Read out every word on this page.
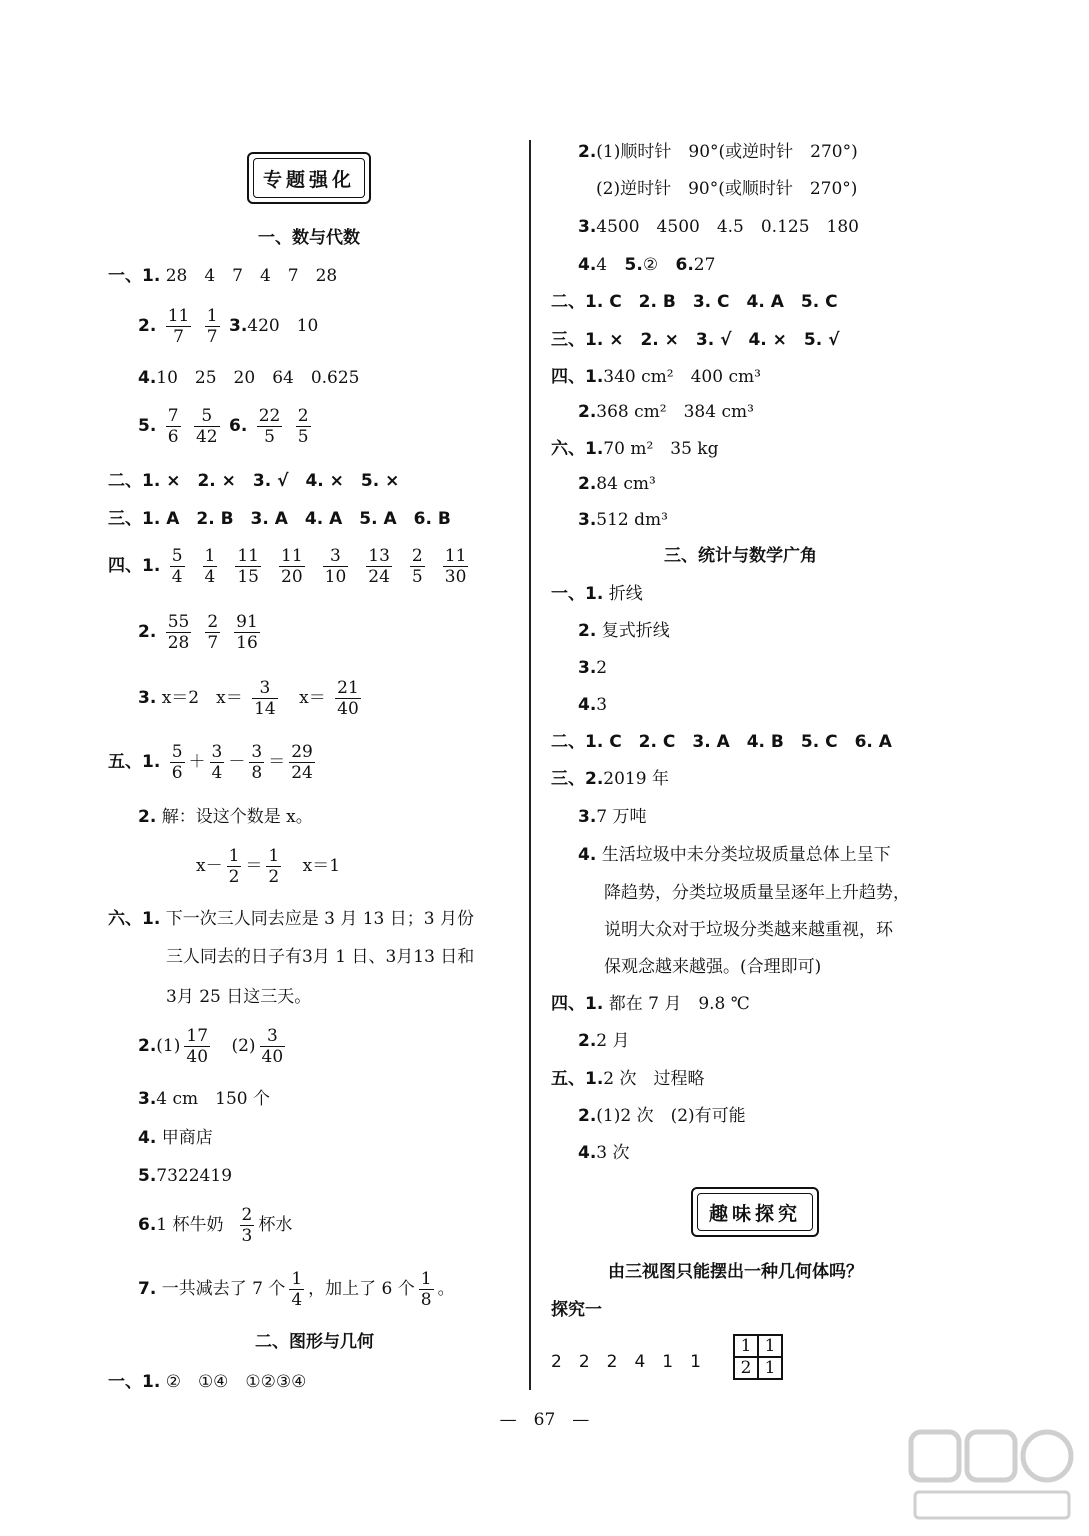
专题强化
一、数与代数
一、1. 28　4　7　4　7　28
2. $\frac{11}{7}$
$\frac{1}{7} 3.420$　10
4.10　25　20　64　0.625
5. $\frac{7}{6}$
$\frac{5}{42} 6$. $\frac{22}{5}$
$\frac{2}{5}$
二、1. ×　2. ×　3. √　4. ×　5. ×
三、1. A　2. B　3. A　4. A　5. A　6. B
四、1. $\frac{5}{4} \frac{1}{4} \frac{11}{15} \frac{11}{20} \frac{3}{10} \frac{13}{24} \frac{2}{5} \frac{11}{30}$
2. $\frac{55}{28} \frac{2}{7} \frac{91}{16}$
3. x＝2　$x= \frac{3}{14} x= \frac{21}{40}$
五、1. $\frac{5}{6} + \frac{3}{4} - \frac{3}{8} = \frac{29}{24}$
2. 解：设这个数是 x。
$x- \frac{1}{2} = \frac{1}{2} x=1$
六、1. 下一次三人同去应是 3 月 13 日；3 月份
三人同去的日子有3月 1 日、3月13 日和
3月 25 日这三天。
$2.(1) \frac{17}{40} (2) \frac{3}{40}$
3.4 cm　150 个
4. 甲商店
5.7322419
6.1 杯牛奶 $\frac{2}{3}$ 杯水
7. 一共减去了 7 个 $\frac{1}{4}$ ，加上了 6 个 $\frac{1}{8}$ 。
二、图形与几何
一、1. ②　①④　①②③④
2.(1)顺时针　90°(或逆时针　270°)
(2)逆时针　90°(或顺时针　270°)
3.4500　4500　4.5　0.125　180
4.4 5.② 6.27
二、1. C　2. B　3. C　4. A　5. C
三、1. ×　2. ×　3. √　4. ×　5. √
四、1.340 cm²　400 cm³
2.368 cm²　384 cm³
六、1.70 m²　35 kg
2.84 cm³
3.512 dm³
三、统计与数学广角
一、1. 折线
2. 复式折线
3.2
4.3
二、1. C　2. C　3. A　4. B　5. C　6. A
三、2.2019 年
3.7 万吨
4. 生活垃圾中未分类垃圾质量总体上呈下
降趋势，分类垃圾质量呈逐年上升趋势，
说明大众对于垃圾分类越来越重视，环
保观念越来越强。(合理即可)
四、1. 都在 7 月　9.8 ℃
2.2 月
五、1.2 次　过程略
2.(1)2 次　(2)有可能
4.3 次
趣味探究
由三视图只能摆出一种几何体吗？
探究一
2　2　2　4　1　1
1	1
2	1
—　67　—
